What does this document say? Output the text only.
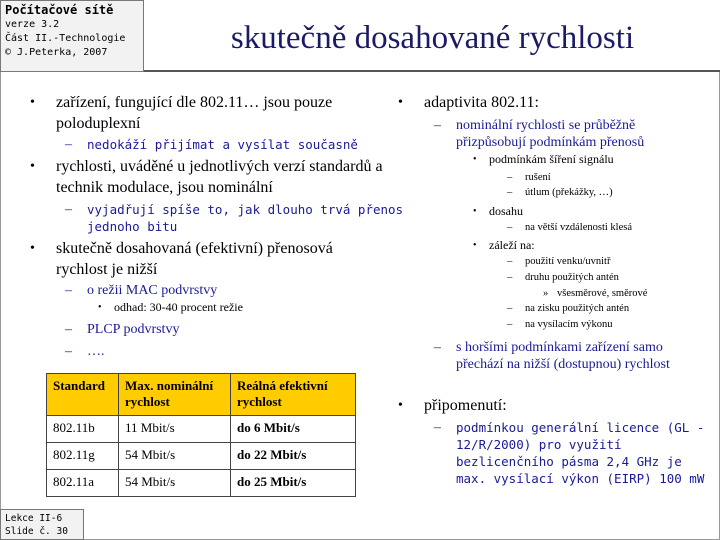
Počítačové sítě
verze 3.2
Část II.-Technologie
© J.Peterka, 2007	skutečně dosahované rychlosti
• zařízení, fungující dle 802.11… jsou pouze poloduplexní
– nedokáží přijímat a vysílat současně
• rychlosti, uváděné u jednotlivých verzí standardů a technik modulace, jsou nominální
– vyjadřují spíše to, jak dlouho trvá přenos jednoho bitu
• skutečně dosahovaná (efektivní) přenosová rychlost je nižší
– o režii MAC podvrstvy
• odhad: 30-40 procent režie
– PLCP podvrstvy
– ….
Standard	Max. nominální rychlost	Reálná efektivní rychlost
802.11b	11 Mbit/s	do 6 Mbit/s
802.11g	54 Mbit/s	do 22 Mbit/s
802.11a	54 Mbit/s	do 25 Mbit/s
• adaptivita 802.11:
– nominální rychlosti se průběžně přizpůsobují podmínkám přenosů
• podmínkám šíření signálu
– rušení
– útlum (překážky, …)
• dosahu
– na větší vzdálenosti klesá
• záleží na:
– použití venku/uvnitř
– druhu použitých antén
» všesměrové, směrové
– na zisku použitých antén
– na vysílacím výkonu
– s horšími podmínkami zařízení samo přechází na nižší (dostupnou) rychlost
• připomenutí:
– podmínkou generální licence (GL - 12/R/2000) pro využití bezlicenčního pásma 2,4 GHz je max. vysílací výkon (EIRP) 100 mW
Lekce II-6
Slide č. 30
